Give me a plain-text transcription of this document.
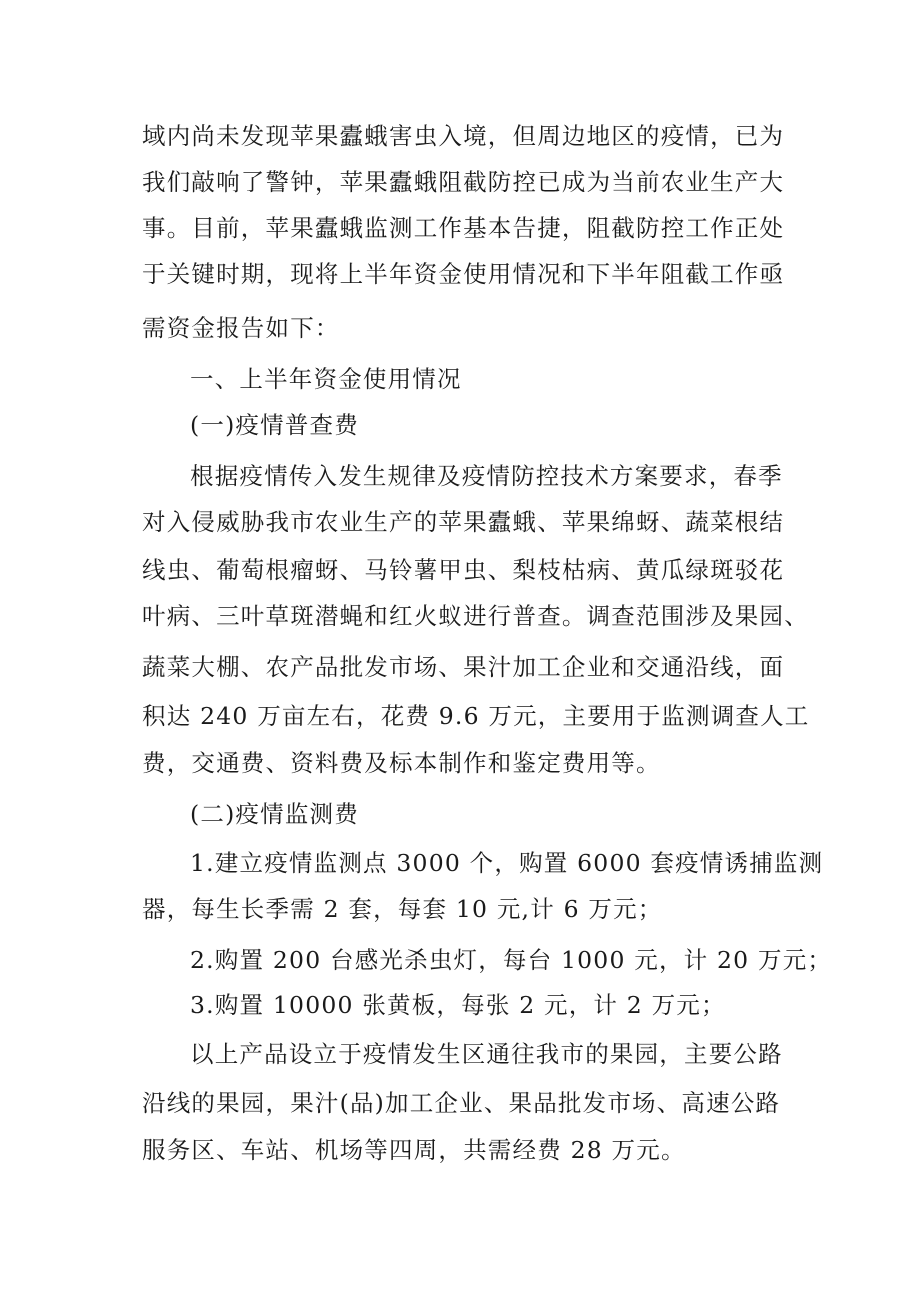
域内尚未发现苹果蠹蛾害虫入境，但周边地区的疫情，已为
我们敲响了警钟，苹果蠹蛾阻截防控已成为当前农业生产大
事。目前，苹果蠹蛾监测工作基本告捷，阻截防控工作正处
于关键时期，现将上半年资金使用情况和下半年阻截工作亟
需资金报告如下：
一、上半年资金使用情况
(一)疫情普查费
根据疫情传入发生规律及疫情防控技术方案要求，春季
对入侵威胁我市农业生产的苹果蠹蛾、苹果绵蚜、蔬菜根结
线虫、葡萄根瘤蚜、马铃薯甲虫、梨枝枯病、黄瓜绿斑驳花
叶病、三叶草斑潜蝇和红火蚁进行普查。调查范围涉及果园、
蔬菜大棚、农产品批发市场、果汁加工企业和交通沿线，面
积达 240 万亩左右，花费 9.6 万元，主要用于监测调查人工
费，交通费、资料费及标本制作和鉴定费用等。
(二)疫情监测费
1.建立疫情监测点 3000 个，购置 6000 套疫情诱捕监测
器，每生长季需 2 套，每套 10 元,计 6 万元；
2.购置 200 台感光杀虫灯，每台 1000 元，计 20 万元；
3.购置 10000 张黄板，每张 2 元，计 2 万元；
以上产品设立于疫情发生区通往我市的果园，主要公路
沿线的果园，果汁(品)加工企业、果品批发市场、高速公路
服务区、车站、机场等四周，共需经费 28 万元。
